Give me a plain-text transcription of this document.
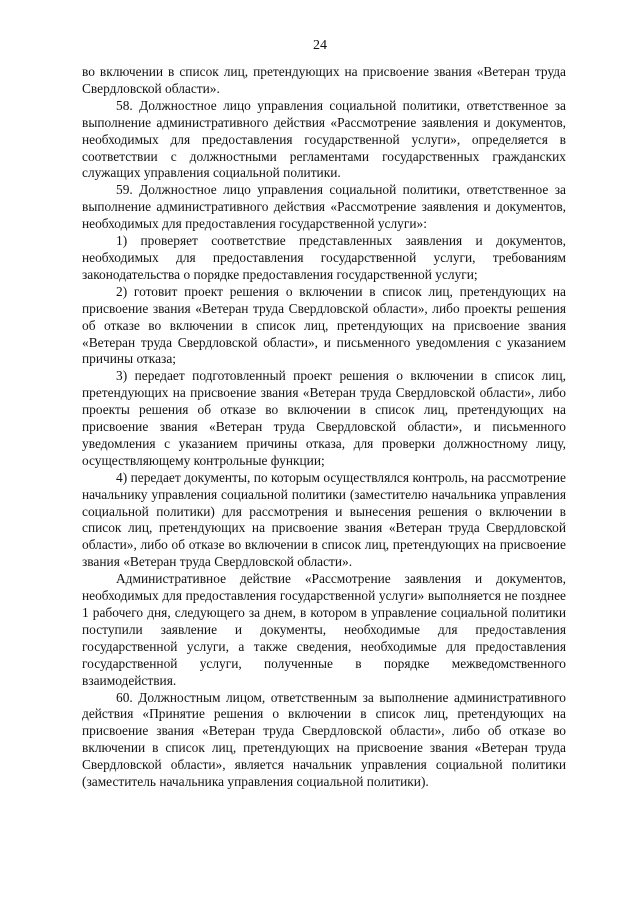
24

во включении в список лиц, претендующих на присвоение звания «Ветеран труда Свердловской области».

58. Должностное лицо управления социальной политики, ответственное за выполнение административного действия «Рассмотрение заявления и документов, необходимых для предоставления государственной услуги», определяется в соответствии с должностными регламентами государственных гражданских служащих управления социальной политики.

59. Должностное лицо управления социальной политики, ответственное за выполнение административного действия «Рассмотрение заявления и документов, необходимых для предоставления государственной услуги»:

1) проверяет соответствие представленных заявления и документов, необходимых для предоставления государственной услуги, требованиям законодательства о порядке предоставления государственной услуги;

2) готовит проект решения о включении в список лиц, претендующих на присвоение звания «Ветеран труда Свердловской области», либо проекты решения об отказе во включении в список лиц, претендующих на присвоение звания «Ветеран труда Свердловской области», и письменного уведомления с указанием причины отказа;

3) передает подготовленный проект решения о включении в список лиц, претендующих на присвоение звания «Ветеран труда Свердловской области», либо проекты решения об отказе во включении в список лиц, претендующих на присвоение звания «Ветеран труда Свердловской области», и письменного уведомления с указанием причины отказа, для проверки должностному лицу, осуществляющему контрольные функции;

4) передает документы, по которым осуществлялся контроль, на рассмотрение начальнику управления социальной политики (заместителю начальника управления социальной политики) для рассмотрения и вынесения решения о включении в список лиц, претендующих на присвоение звания «Ветеран труда Свердловской области», либо об отказе во включении в список лиц, претендующих на присвоение звания «Ветеран труда Свердловской области».

Административное действие «Рассмотрение заявления и документов, необходимых для предоставления государственной услуги» выполняется не позднее 1 рабочего дня, следующего за днем, в котором в управление социальной политики поступили заявление и документы, необходимые для предоставления государственной услуги, а также сведения, необходимые для предоставления государственной услуги, полученные в порядке межведомственного взаимодействия.

60. Должностным лицом, ответственным за выполнение административного действия «Принятие решения о включении в список лиц, претендующих на присвоение звания «Ветеран труда Свердловской области», либо об отказе во включении в список лиц, претендующих на присвоение звания «Ветеран труда Свердловской области», является начальник управления социальной политики (заместитель начальника управления социальной политики).
